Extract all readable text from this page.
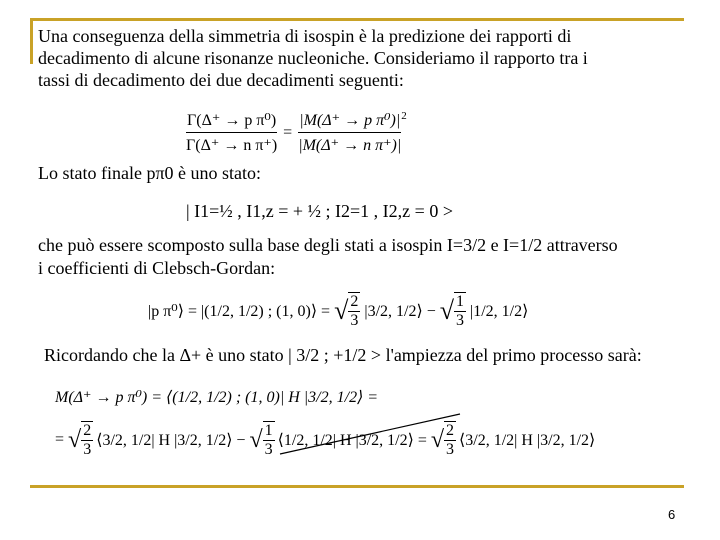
Una conseguenza della simmetria di isospin è la predizione dei rapporti di
decadimento di alcune risonanze nucleoniche. Consideriamo il rapporto tra i
tassi di decadimento dei due decadimenti seguenti:
Γ(Δ⁺ → p π⁰)
Γ(Δ⁺ → n π⁺)
=
|M(Δ⁺ → p π⁰)|
|M(Δ⁺ → n π⁺)|
$^2$
Lo stato finale pπ0 è uno stato:
| I1=½ , I1,z = + ½ ; I2=1 , I2,z = 0 >
che può essere scomposto sulla base degli stati a isospin I=3/2 e I=1/2 attraverso
i coefficienti di Clebsch-Gordan:
|p π⁰⟩ = |(1/2, 1/2) ; (1, 0)⟩ = √ $\frac{2}{3} |3/2$, 1/2⟩ − √ $\frac{1}{3} |1/2$, 1/2⟩
Ricordando che la Δ+ è uno stato | 3/2 ; +1/2 > l'ampiezza del primo processo sarà:
M(Δ⁺ → p π⁰) = ⟨(1/2, 1/2) ; (1, 0)| H |3/2, 1/2⟩ =
= √ $\frac{2}{3}$ ⟨3/2, 1/2| H |3/2, 1/2⟩ − √ $\frac{1}{3}$ ⟨1/2, 1/2| H |3/2, 1/2⟩ = √ $\frac{2}{3}$ ⟨3/2, 1/2| H |3/2, 1/2⟩
6
